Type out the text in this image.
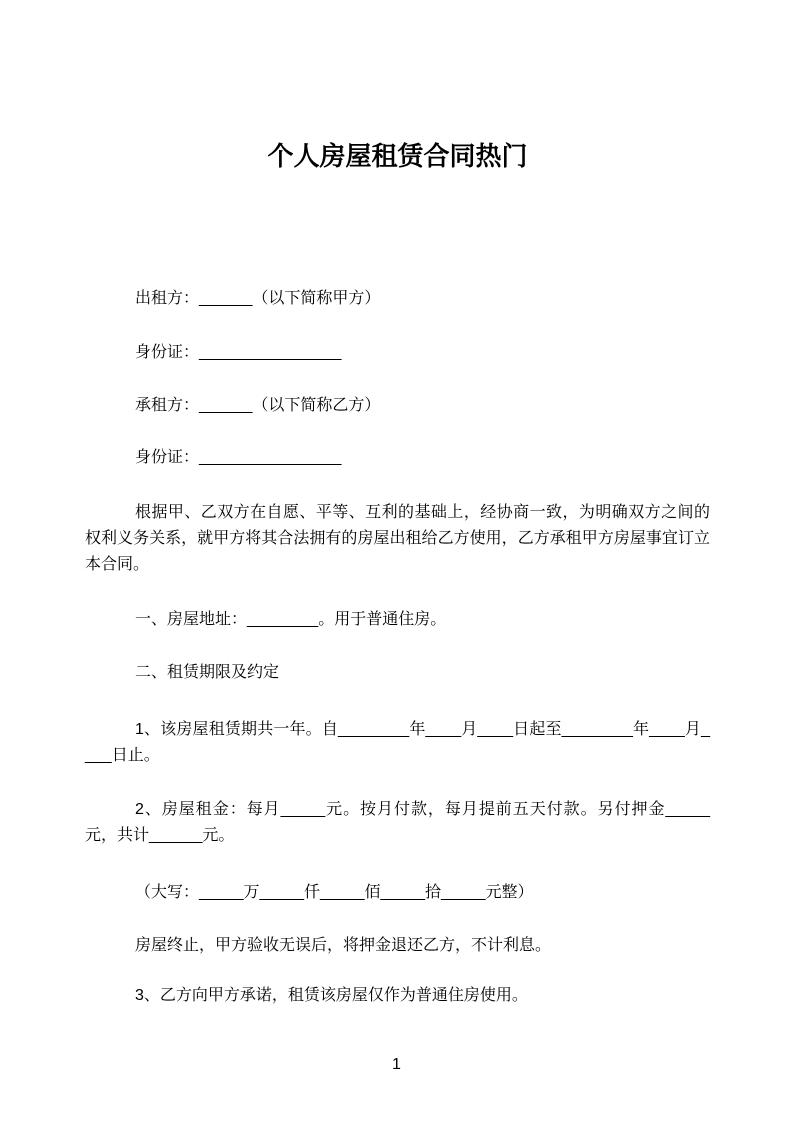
个人房屋租赁合同热门

出租方：______（以下简称甲方）

身份证：________________

承租方：______（以下简称乙方）

身份证：________________

根据甲、乙双方在自愿、平等、互利的基础上，经协商一致，为明确双方之间的权利义务关系，就甲方将其合法拥有的房屋出租给乙方使用，乙方承租甲方房屋事宜订立本合同。

一、房屋地址：________。用于普通住房。

二、租赁期限及约定

1、该房屋租赁期共一年。自________年____月____日起至________年____月____日止。

2、房屋租金：每月_____元。按月付款，每月提前五天付款。另付押金_____元，共计______元。

（大写：_____万_____仟_____佰_____拾_____元整）

房屋终止，甲方验收无误后，将押金退还乙方，不计利息。

3、乙方向甲方承诺，租赁该房屋仅作为普通住房使用。

1
